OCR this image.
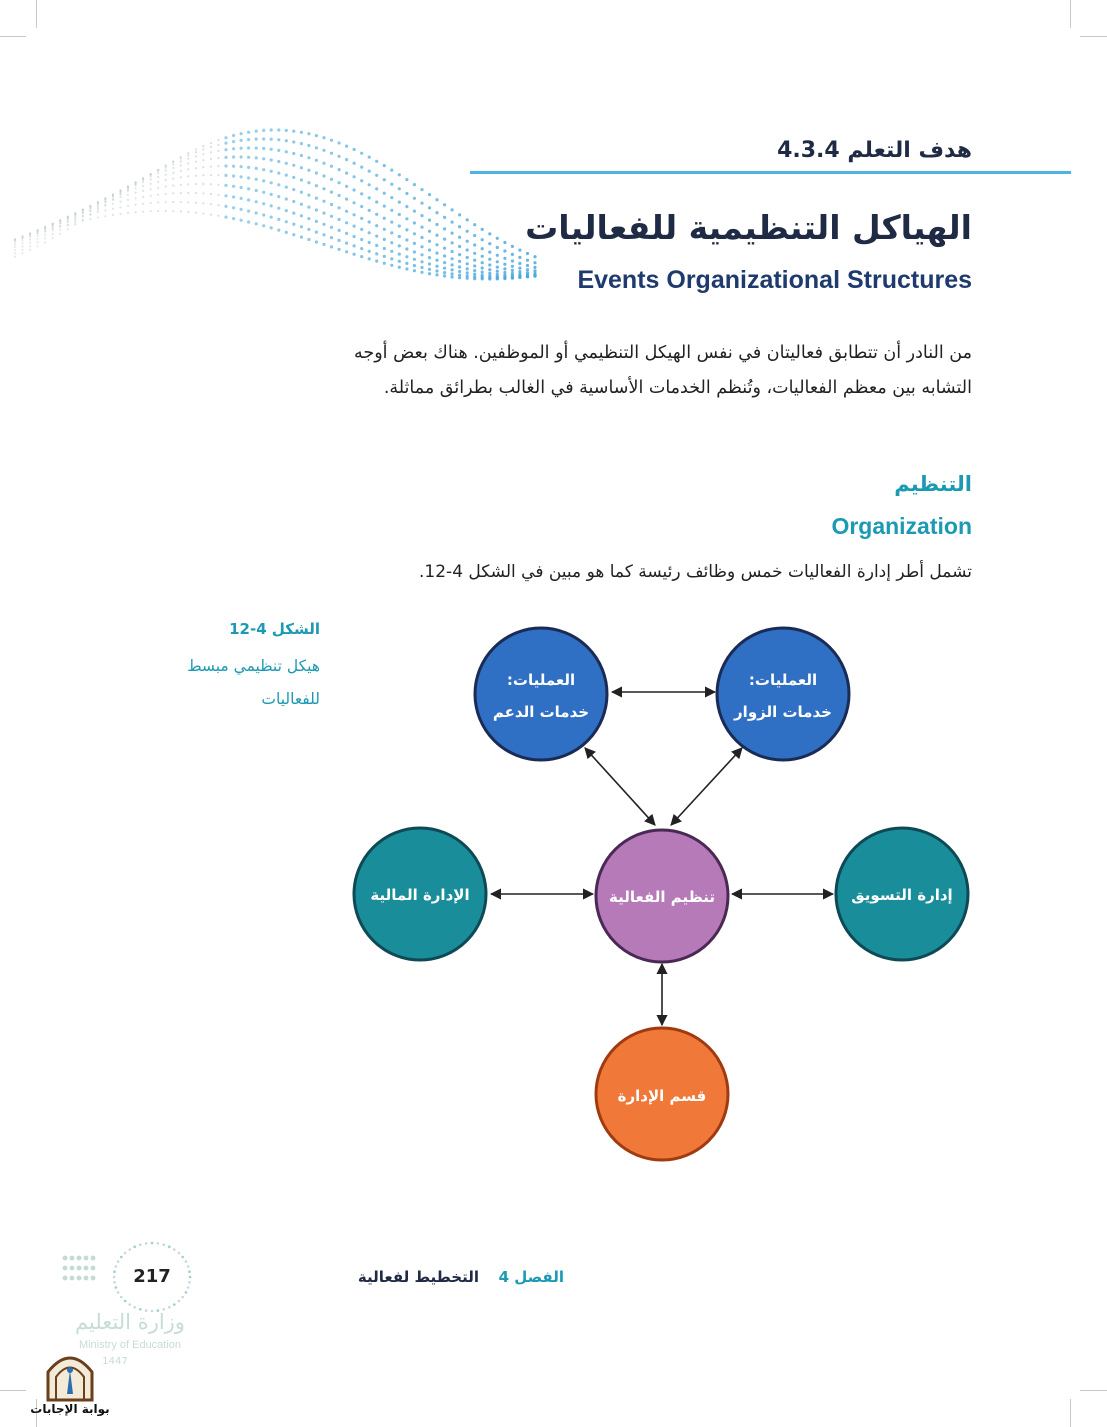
هدف التعلم 4.3.4
الهياكل التنظيمية للفعاليات
Events Organizational Structures
من النادر أن تتطابق فعاليتان في نفس الهيكل التنظيمي أو الموظفين. هناك بعض أوجه التشابه بين معظم الفعاليات، وتُنظم الخدمات الأساسية في الغالب بطرائق مماثلة.
التنظيم
Organization
تشمل أطر إدارة الفعاليات خمس وظائف رئيسة كما هو مبين في الشكل 4-12.
الشكل 4-12
هيكل تنظيمي مبسط للفعاليات
العمليات:
خدمات الدعم
العمليات:
خدمات الزوار
تنظيم الفعالية
الإدارة المالية	إدارة التسويق
قسم الإدارة
الفصل 4
التخطيط لفعالية
217
وزارة التعليم
Ministry of Education
1447
بوابة الإجابات
